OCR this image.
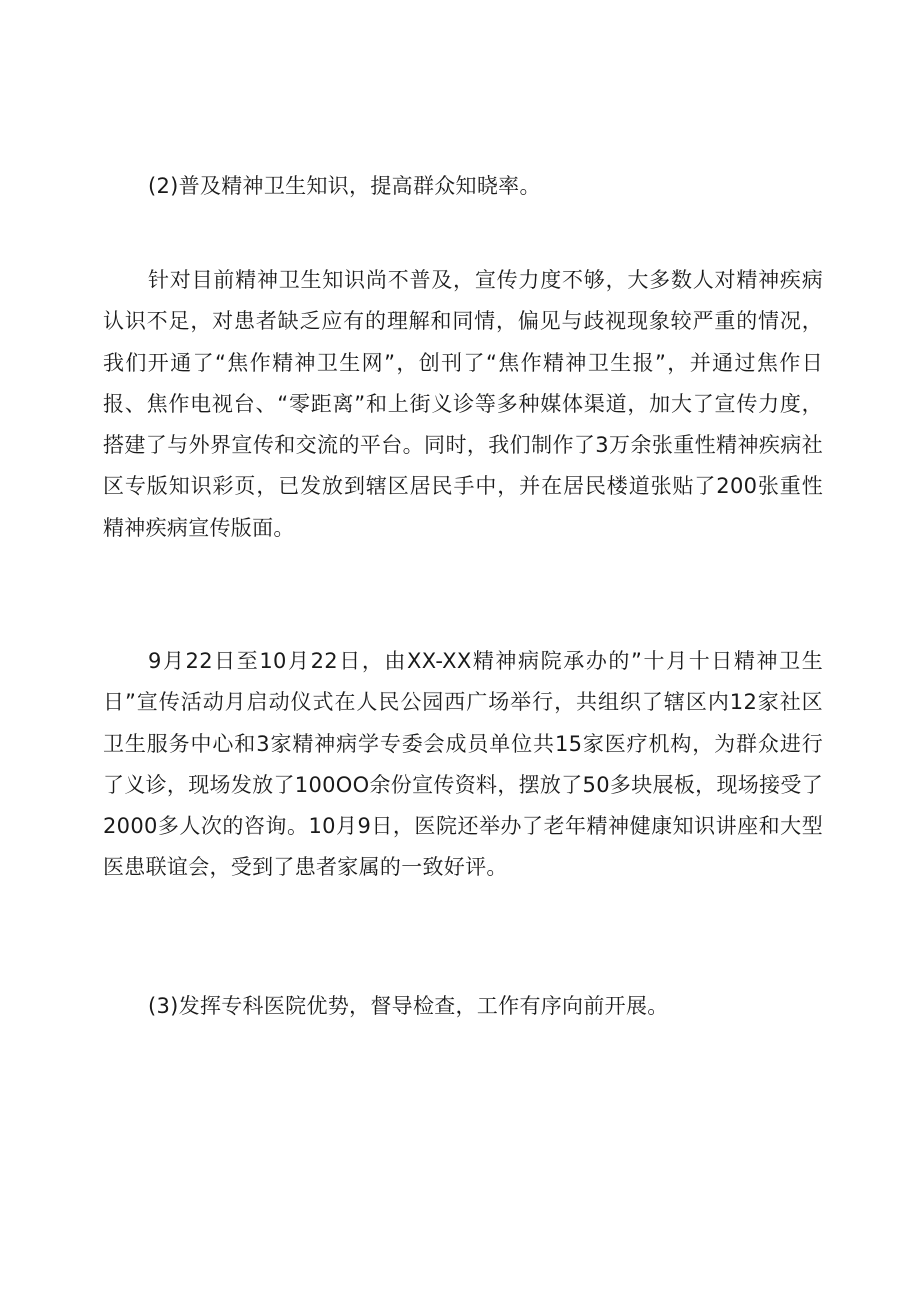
(2)普及精神卫生知识，提高群众知晓率。

针对目前精神卫生知识尚不普及，宣传力度不够，大多数人对精神疾病认识不足，对患者缺乏应有的理解和同情，偏见与歧视现象较严重的情况，我们开通了“焦作精神卫生网”，创刊了“焦作精神卫生报”，并通过焦作日报、焦作电视台、“零距离”和上街义诊等多种媒体渠道，加大了宣传力度，搭建了与外界宣传和交流的平台。同时，我们制作了3万余张重性精神疾病社区专版知识彩页，已发放到辖区居民手中，并在居民楼道张贴了200张重性精神疾病宣传版面。

9月22日至10月22日，由XX-XX精神病院承办的”十月十日精神卫生日”宣传活动月启动仪式在人民公园西广场举行，共组织了辖区内12家社区卫生服务中心和3家精神病学专委会成员单位共15家医疗机构，为群众进行了义诊，现场发放了100OO余份宣传资料，摆放了50多块展板，现场接受了2000多人次的咨询。10月9日，医院还举办了老年精神健康知识讲座和大型医患联谊会，受到了患者家属的一致好评。

(3)发挥专科医院优势，督导检查，工作有序向前开展。
